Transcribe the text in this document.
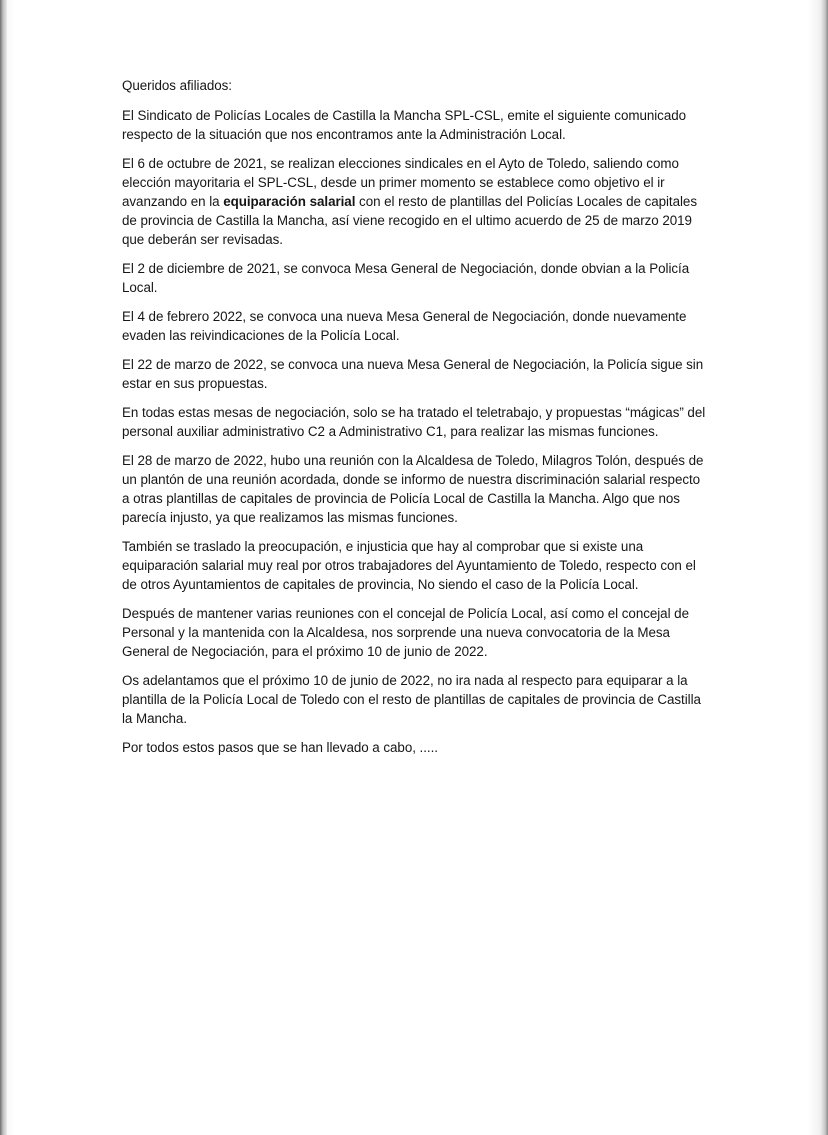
Queridos afiliados:

El Sindicato de Policías Locales de Castilla la Mancha SPL-CSL, emite el siguiente comunicado respecto de la situación que nos encontramos ante la Administración Local.

El 6 de octubre de 2021, se realizan elecciones sindicales en el Ayto de Toledo, saliendo como elección mayoritaria el SPL-CSL, desde un primer momento se establece como objetivo el ir avanzando en la equiparación salarial con el resto de plantillas del Policías Locales de capitales de provincia de Castilla la Mancha, así viene recogido en el ultimo acuerdo de 25 de marzo 2019 que deberán ser revisadas.

El 2 de diciembre de 2021, se convoca Mesa General de Negociación, donde obvian a la Policía Local.

El 4 de febrero 2022, se convoca una nueva Mesa General de Negociación, donde nuevamente evaden las reivindicaciones de la Policía Local.

El 22 de marzo de 2022, se convoca una nueva Mesa General de Negociación, la Policía sigue sin estar en sus propuestas.

En todas estas mesas de negociación, solo se ha tratado el teletrabajo, y propuestas “mágicas” del personal auxiliar administrativo C2 a Administrativo C1, para realizar las mismas funciones.

El 28 de marzo de 2022, hubo una reunión con la Alcaldesa de Toledo, Milagros Tolón, después de un plantón de una reunión acordada, donde se informo de nuestra discriminación salarial respecto a otras plantillas de capitales de provincia de Policía Local de Castilla la Mancha. Algo que nos parecía injusto, ya que realizamos las mismas funciones.

También se traslado la preocupación, e injusticia que hay al comprobar que si existe una equiparación salarial muy real por otros trabajadores del Ayuntamiento de Toledo, respecto con el de otros Ayuntamientos de capitales de provincia, No siendo el caso de la Policía Local.

Después de mantener varias reuniones con el concejal de Policía Local, así como el concejal de Personal y la mantenida con la Alcaldesa, nos sorprende una nueva convocatoria de la Mesa General de Negociación, para el próximo 10 de junio de 2022.

Os adelantamos que el próximo 10 de junio de 2022, no ira nada al respecto para equiparar a la plantilla de la Policía Local de Toledo con el resto de plantillas de capitales de provincia de Castilla la Mancha.

Por todos estos pasos que se han llevado a cabo, .....
